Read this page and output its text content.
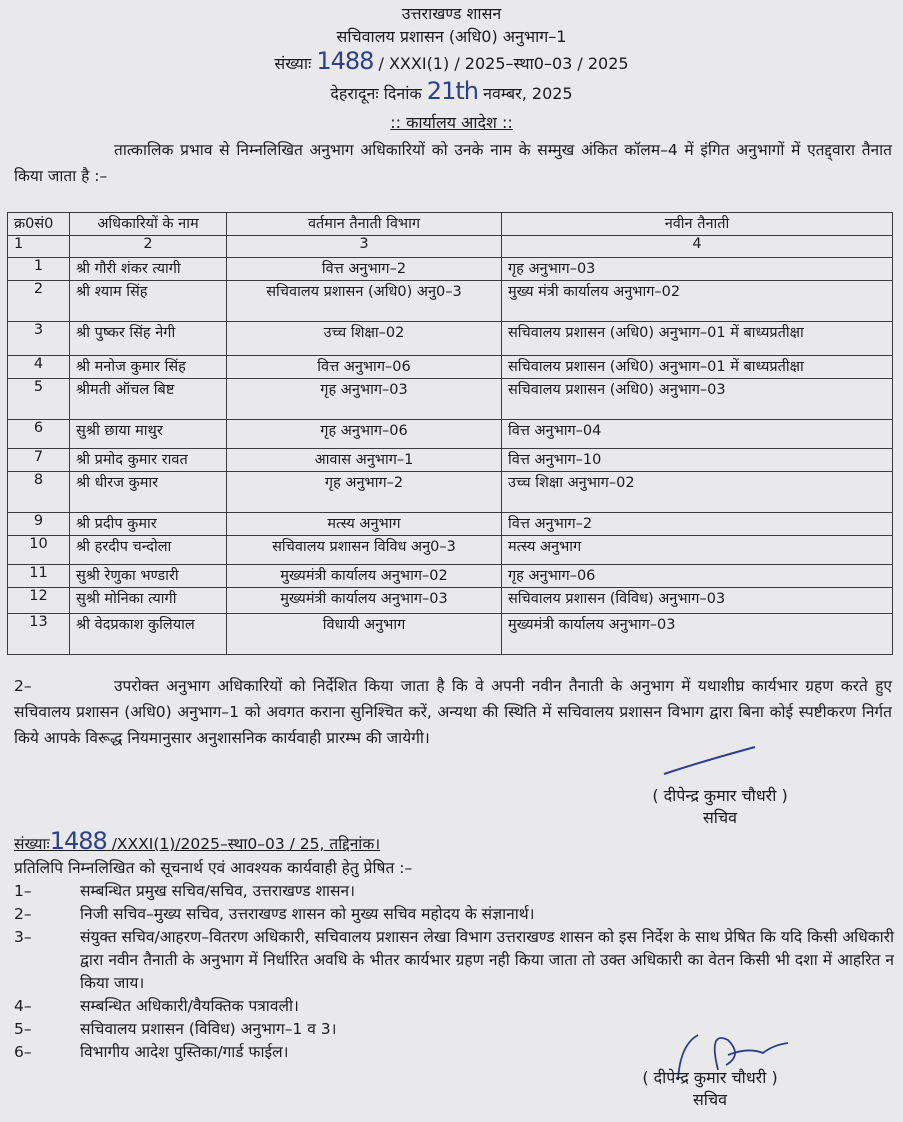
उत्तराखण्ड शासन
सचिवालय प्रशासन (अधि0) अनुभाग–1
संख्याः 1488 / XXXI(1) / 2025–स्था0–03 / 2025
देहरादूनः दिनांक 21th नवम्बर, 2025
:: कार्यालय आदेश ::
तात्कालिक प्रभाव से निम्नलिखित अनुभाग अधिकारियों को उनके नाम के सम्मुख अंकित कॉलम–4 में इंगित अनुभागों में एतद्द्वारा तैनात किया जाता है :–
क्र0सं0	अधिकारियों के नाम	वर्तमान तैनाती विभाग	नवीन तैनाती
1	2	3	4
1	श्री गौरी शंकर त्यागी	वित्त अनुभाग–2	गृह अनुभाग–03
2	श्री श्याम सिंह	सचिवालय प्रशासन (अधि0) अनु0–3	मुख्य मंत्री कार्यालय अनुभाग–02
3	श्री पुष्कर सिंह नेगी	उच्च शिक्षा–02	सचिवालय प्रशासन (अधि0) अनुभाग–01 में बाध्यप्रतीक्षा
4	श्री मनोज कुमार सिंह	वित्त अनुभाग–06	सचिवालय प्रशासन (अधि0) अनुभाग–01 में बाध्यप्रतीक्षा
5	श्रीमती ऑचल बिष्ट	गृह अनुभाग–03	सचिवालय प्रशासन (अधि0) अनुभाग–03
6	सुश्री छाया माथुर	गृह अनुभाग–06	वित्त अनुभाग–04
7	श्री प्रमोद कुमार रावत	आवास अनुभाग–1	वित्त अनुभाग–10
8	श्री धीरज कुमार	गृह अनुभाग–2	उच्च शिक्षा अनुभाग–02
9	श्री प्रदीप कुमार	मत्स्य अनुभाग	वित्त अनुभाग–2
10	श्री हरदीप चन्दोला	सचिवालय प्रशासन विविध अनु0–3	मत्स्य अनुभाग
11	सुश्री रेणुका भण्डारी	मुख्यमंत्री कार्यालय अनुभाग–02	गृह अनुभाग–06
12	सुश्री मोनिका त्यागी	मुख्यमंत्री कार्यालय अनुभाग–03	सचिवालय प्रशासन (विविध) अनुभाग–03
13	श्री वेदप्रकाश कुलियाल	विधायी अनुभाग	मुख्यमंत्री कार्यालय अनुभाग–03
2–	उपरोक्त अनुभाग अधिकारियों को निर्देशित किया जाता है कि वे अपनी नवीन तैनाती के अनुभाग में यथाशीघ्र कार्यभार ग्रहण करते हुए सचिवालय प्रशासन (अधि0) अनुभाग–1 को अवगत कराना सुनिश्चित करें, अन्यथा की स्थिति में सचिवालय प्रशासन विभाग द्वारा बिना कोई स्पष्टीकरण निर्गत किये आपके विरूद्ध नियमानुसार अनुशासनिक कार्यवाही प्रारम्भ की जायेगी।
( दीपेन्द्र कुमार चौधरी )
सचिव
संख्याः1488 /XXXI(1)/2025–स्था0–03 / 25, तद्दिनांक।
प्रतिलिपि निम्नलिखित को सूचनार्थ एवं आवश्यक कार्यवाही हेतु प्रेषित :–
1–	सम्बन्धित प्रमुख सचिव/सचिव, उत्तराखण्ड शासन।
2–	निजी सचिव–मुख्य सचिव, उत्तराखण्ड शासन को मुख्य सचिव महोदय के संज्ञानार्थ।
3–	संयुक्त सचिव/आहरण–वितरण अधिकारी, सचिवालय प्रशासन लेखा विभाग उत्तराखण्ड शासन को इस निर्देश के साथ प्रेषित कि यदि किसी अधिकारी द्वारा नवीन तैनाती के अनुभाग में निर्धारित अवधि के भीतर कार्यभार ग्रहण नही किया जाता तो उक्त अधिकारी का वेतन किसी भी दशा में आहरित न किया जाय।
4–	सम्बन्धित अधिकारी/वैयक्तिक पत्रावली।
5–	सचिवालय प्रशासन (विविध) अनुभाग–1 व 3।
6–	विभागीय आदेश पुस्तिका/गार्ड फाईल।
( दीपेन्द्र कुमार चौधरी )
सचिव
